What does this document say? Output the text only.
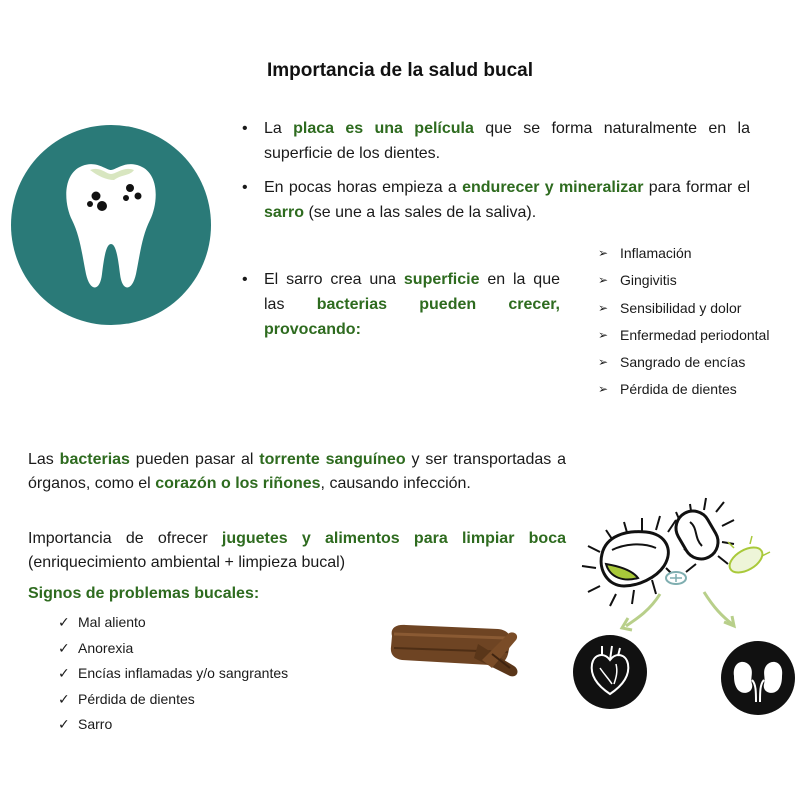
Importancia de la salud bucal
• La placa es una película que se forma naturalmente en la superficie de los dientes.
• En pocas horas empieza a endurecer y mineralizar para formar el sarro (se une a las sales de la saliva).
• El sarro crea una superficie en la que las bacterias pueden crecer, provocando:
➢ Inflamación
➢ Gingivitis
➢ Sensibilidad y dolor
➢ Enfermedad periodontal
➢ Sangrado de encías
➢ Pérdida de dientes

Las bacterias pueden pasar al torrente sanguíneo y ser transportadas a órganos, como el corazón o los riñones, causando infección.

Importancia de ofrecer juguetes y alimentos para limpiar boca (enriquecimiento ambiental + limpieza bucal)

Signos de problemas bucales:
✓ Mal aliento
✓ Anorexia
✓ Encías inflamadas y/o sangrantes
✓ Pérdida de dientes
✓ Sarro
